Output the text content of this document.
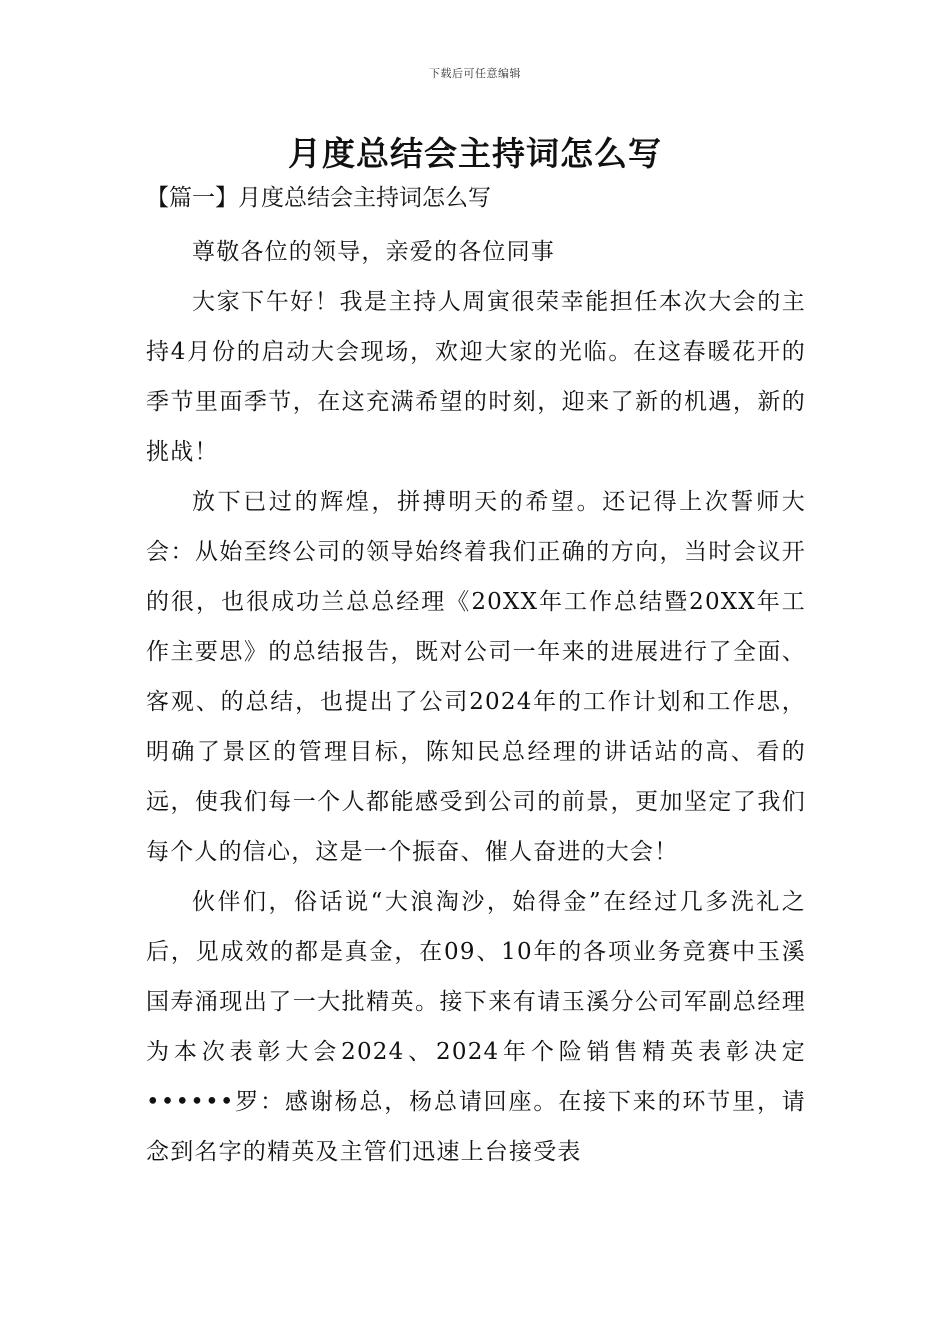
下载后可任意编辑
月度总结会主持词怎么写
【篇一】月度总结会主持词怎么写

尊敬各位的领导，亲爱的各位同事

大家下午好！我是主持人周寅很荣幸能担任本次大会的主持4月份的启动大会现场，欢迎大家的光临。在这春暖花开的季节里面季节，在这充满希望的时刻，迎来了新的机遇，新的挑战！

放下已过的辉煌，拼搏明天的希望。还记得上次誓师大会：从始至终公司的领导始终着我们正确的方向，当时会议开的很，也很成功兰总总经理《20XX年工作总结暨20XX年工作主要思》的总结报告，既对公司一年来的进展进行了全面、客观、的总结，也提出了公司2024年的工作计划和工作思，明确了景区的管理目标，陈知民总经理的讲话站的高、看的远，使我们每一个人都能感受到公司的前景，更加坚定了我们每个人的信心，这是一个振奋、催人奋进的大会！

伙伴们，俗话说“大浪淘沙，始得金”在经过几多洗礼之后，见成效的都是真金，在09、10年的各项业务竞赛中玉溪国寿涌现出了一大批精英。接下来有请玉溪分公司军副总经理为本次表彰大会2024、2024年个险销售精英表彰决定••••••罗：感谢杨总，杨总请回座。在接下来的环节里，请念到名字的精英及主管们迅速上台接受表
